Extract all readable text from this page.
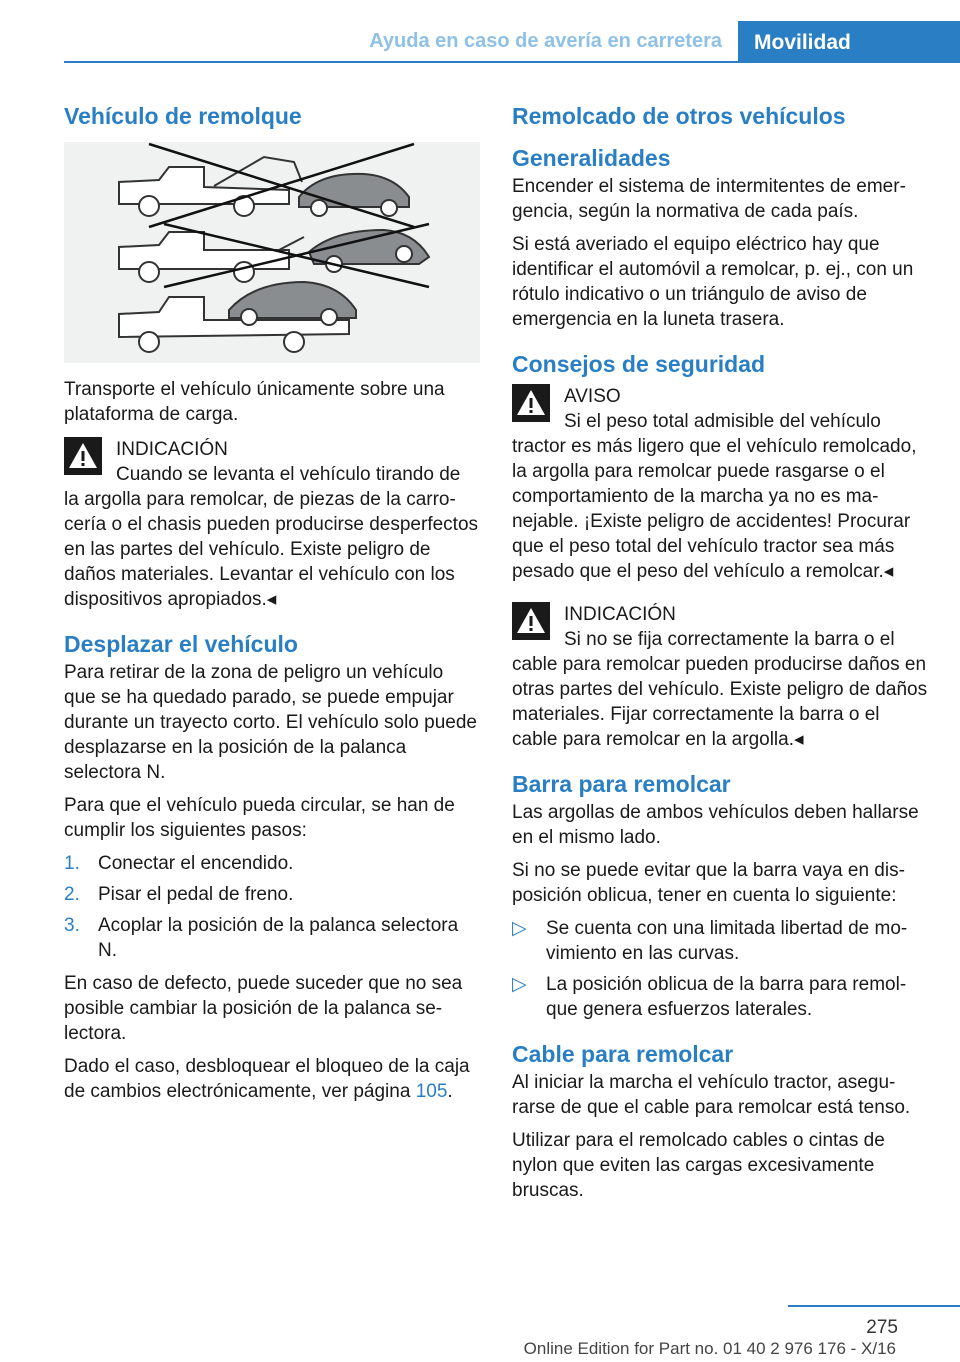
Ayuda en caso de avería en carretera	Movilidad
Vehículo de remolque

Transporte el vehículo únicamente sobre una plataforma de carga.

INDICACIÓN
Cuando se levanta el vehículo tirando de la argolla para remolcar, de piezas de la carrocería o el chasis pueden producirse desperfectos en las partes del vehículo. Existe peligro de daños materiales. Levantar el vehículo con los dispositivos apropiados.◂
Desplazar el vehículo

Para retirar de la zona de peligro un vehículo que se ha quedado parado, se puede empujar durante un trayecto corto. El vehículo solo puede desplazarse en la posición de la palanca selectora N.

Para que el vehículo pueda circular, se han de cumplir los siguientes pasos:

1. Conectar el encendido.
2. Pisar el pedal de freno.
3. Acoplar la posición de la palanca selectora N.

En caso de defecto, puede suceder que no sea posible cambiar la posición de la palanca selectora.

Dado el caso, desbloquear el bloqueo de la caja de cambios electrónicamente, ver página 105.

Remolcado de otros vehículos
Generalidades

Encender el sistema de intermitentes de emergencia, según la normativa de cada país.

Si está averiado el equipo eléctrico hay que identificar el automóvil a remolcar, p. ej., con un rótulo indicativo o un triángulo de aviso de emergencia en la luneta trasera.

Consejos de seguridad
AVISO
Si el peso total admisible del vehículo tractor es más ligero que el vehículo remolcado, la argolla para remolcar puede rasgarse o el comportamiento de la marcha ya no es manejable. ¡Existe peligro de accidentes! Procurar que el peso total del vehículo tractor sea más pesado que el peso del vehículo a remolcar.◂
INDICACIÓN
Si no se fija correctamente la barra o el cable para remolcar pueden producirse daños en otras partes del vehículo. Existe peligro de daños materiales. Fijar correctamente la barra o el cable para remolcar en la argolla.◂
Barra para remolcar

Las argollas de ambos vehículos deben hallarse en el mismo lado.

Si no se puede evitar que la barra vaya en disposición oblicua, tener en cuenta lo siguiente:

▷ Se cuenta con una limitada libertad de movimiento en las curvas.
▷ La posición oblicua de la barra para remolque genera esfuerzos laterales.
Cable para remolcar

Al iniciar la marcha el vehículo tractor, asegurarse de que el cable para remolcar está tenso.

Utilizar para el remolcado cables o cintas de nylon que eviten las cargas excesivamente bruscas.

275
Online Edition for Part no. 01 40 2 976 176 - X/16
